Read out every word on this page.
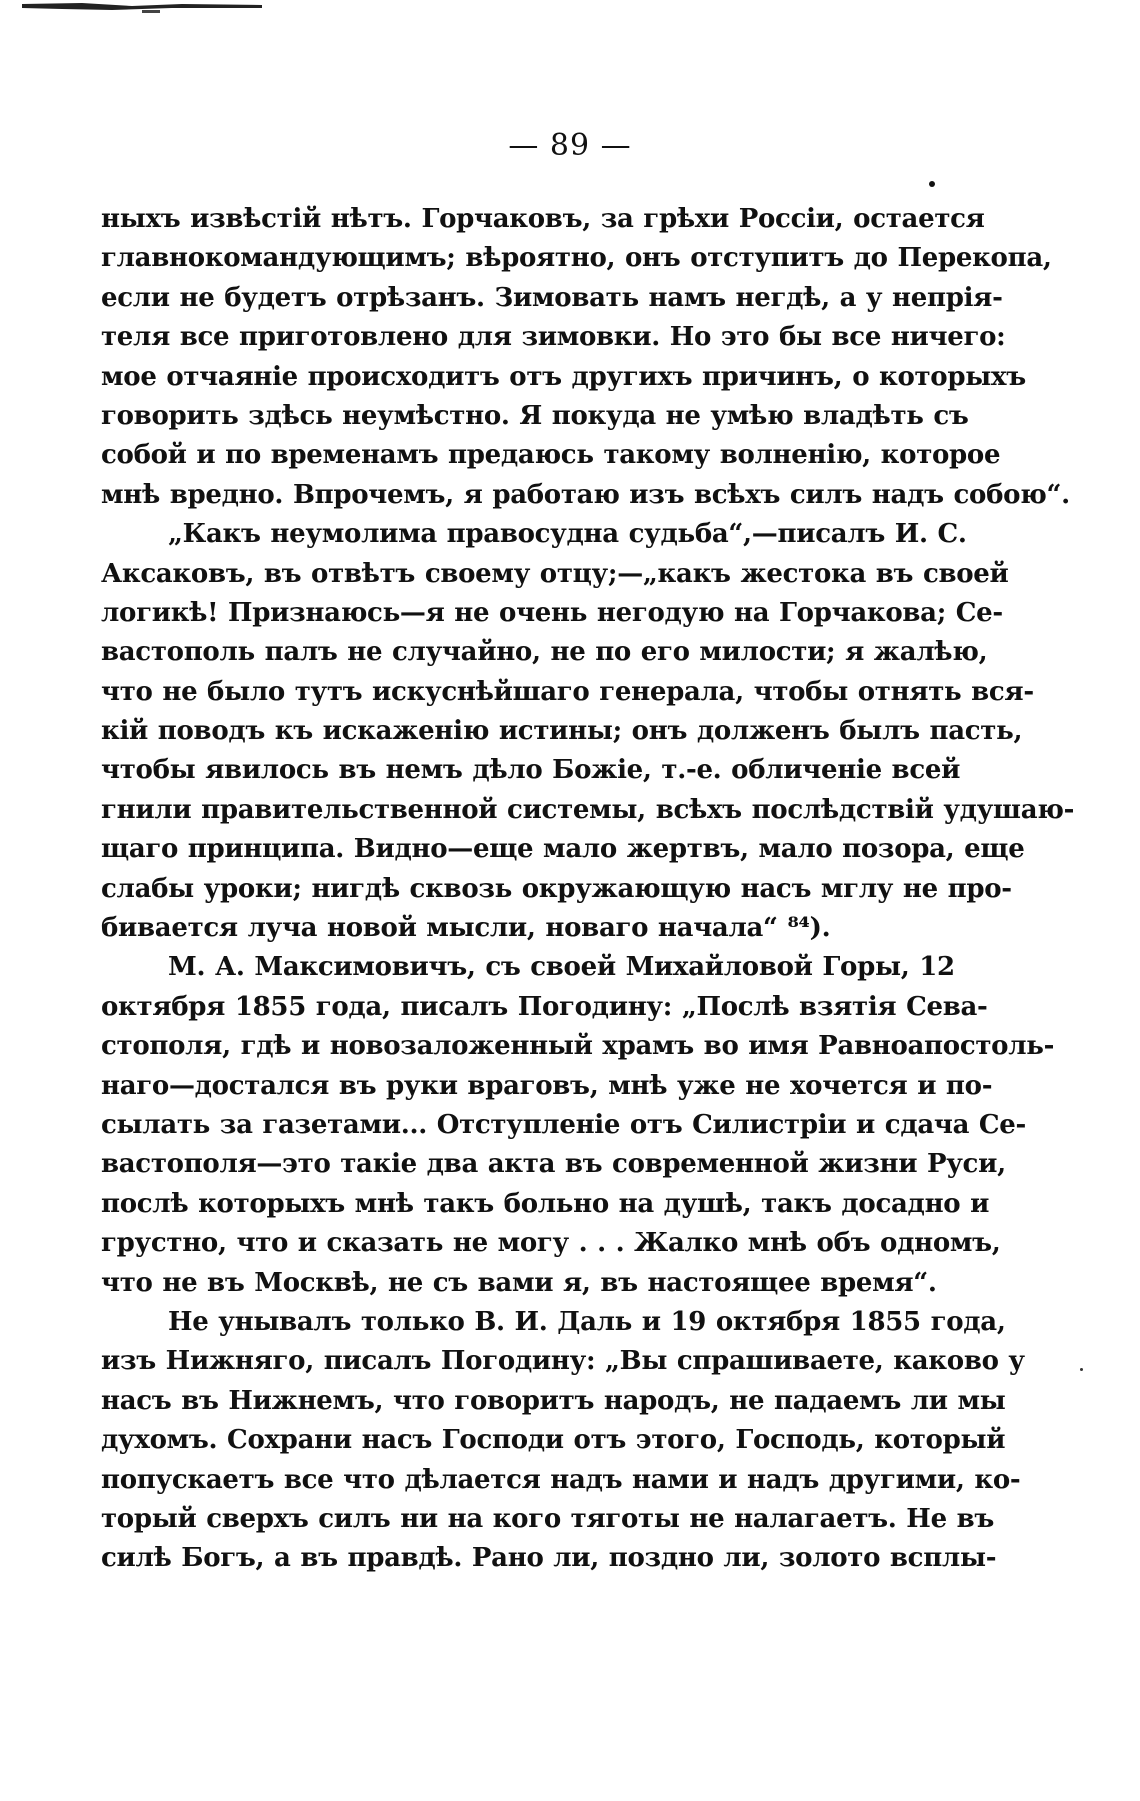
— 89 —
ныхъ извѣстій нѣтъ. Горчаковъ, за грѣхи Россіи, остается
главнокомандующимъ; вѣроятно, онъ отступитъ до Перекопа,
если не будетъ отрѣзанъ. Зимовать намъ негдѣ, а у непрія-
теля все приготовлено для зимовки. Но это бы все ничего:
мое отчаяніе происходитъ отъ другихъ причинъ, о которыхъ
говорить здѣсь неумѣстно. Я покуда не умѣю владѣть съ
собой и по временамъ предаюсь такому волненію, которое
мнѣ вредно. Впрочемъ, я работаю изъ всѣхъ силъ надъ собою“.
„Какъ неумолима правосудна судьба“,—писалъ И. С.
Аксаковъ, въ отвѣтъ своему отцу;—„какъ жестока въ своей
логикѣ! Признаюсь—я не очень негодую на Горчакова; Се-
вастополь палъ не случайно, не по его милости; я жалѣю,
что не было тутъ искуснѣйшаго генерала, чтобы отнять вся-
кій поводъ къ искаженію истины; онъ долженъ былъ пасть,
чтобы явилось въ немъ дѣло Божіе, т.-е. обличеніе всей
гнили правительственной системы, всѣхъ послѣдствій удушаю-
щаго принципа. Видно—еще мало жертвъ, мало позора, еще
слабы уроки; нигдѣ сквозь окружающую насъ мглу не про-
бивается луча новой мысли, новаго начала“ ⁸⁴).
М. А. Максимовичъ, съ своей Михайловой Горы, 12
октября 1855 года, писалъ Погодину: „Послѣ взятія Сева-
стополя, гдѣ и новозаложенный храмъ во имя Равноапостоль-
наго—достался въ руки враговъ, мнѣ уже не хочется и по-
сылать за газетами... Отступленіе отъ Силистріи и сдача Се-
вастополя—это такіе два акта въ современной жизни Руси,
послѣ которыхъ мнѣ такъ больно на душѣ, такъ досадно и
грустно, что и сказать не могу . . . Жалко мнѣ объ одномъ,
что не въ Москвѣ, не съ вами я, въ настоящее время“.
Не унывалъ только В. И. Даль и 19 октября 1855 года,
изъ Нижняго, писалъ Погодину: „Вы спрашиваете, каково у
насъ въ Нижнемъ, что говоритъ народъ, не падаемъ ли мы
духомъ. Сохрани насъ Господи отъ этого, Господь, который
попускаетъ все что дѣлается надъ нами и надъ другими, ко-
торый сверхъ силъ ни на кого тяготы не налагаетъ. Не въ
силѣ Богъ, а въ правдѣ. Рано ли, поздно ли, золото всплы-
